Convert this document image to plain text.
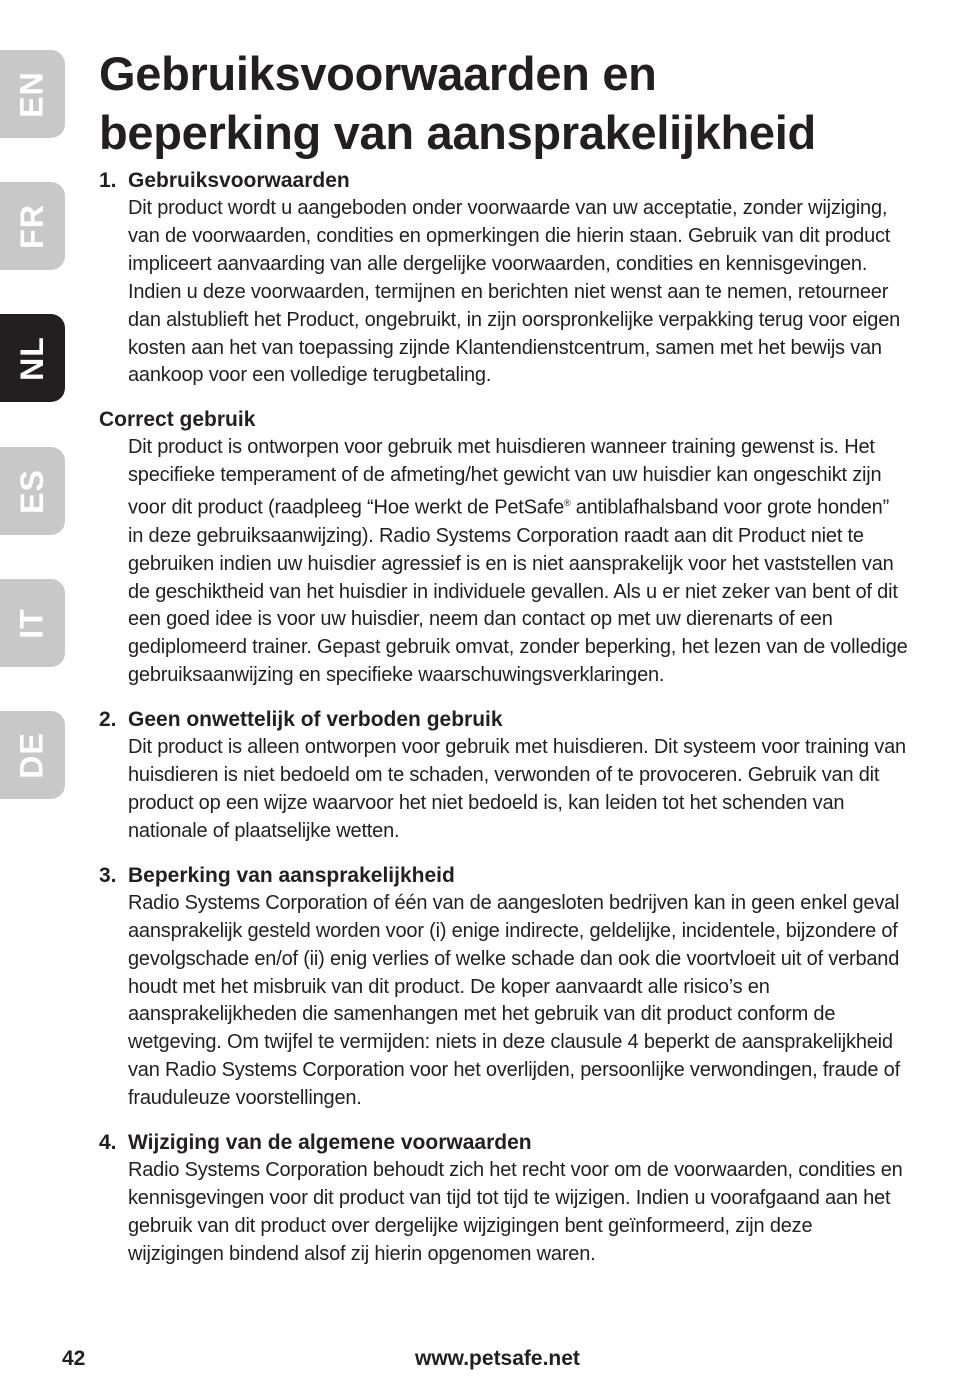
EN
FR
NL
ES
IT
DE
Gebruiksvoorwaarden en
beperking van aansprakelijkheid
1. Gebruiksvoorwaarden
Dit product wordt u aangeboden onder voorwaarde van uw acceptatie, zonder wijziging, van de voorwaarden, condities en opmerkingen die hierin staan. Gebruik van dit product impliceert aanvaarding van alle dergelijke voorwaarden, condities en kennisgevingen. Indien u deze voorwaarden, termijnen en berichten niet wenst aan te nemen, retourneer dan alstublieft het Product, ongebruikt, in zijn oorspronkelijke verpakking terug voor eigen kosten aan het van toepassing zijnde Klantendienstcentrum, samen met het bewijs van aankoop voor een volledige terugbetaling.
Correct gebruik
Dit product is ontworpen voor gebruik met huisdieren wanneer training gewenst is. Het specifieke temperament of de afmeting/het gewicht van uw huisdier kan ongeschikt zijn voor dit product (raadpleeg “Hoe werkt de PetSafe® antiblafhalsband voor grote honden” in deze gebruiksaanwijzing). Radio Systems Corporation raadt aan dit Product niet te gebruiken indien uw huisdier agressief is en is niet aansprakelijk voor het vaststellen van de geschiktheid van het huisdier in individuele gevallen. Als u er niet zeker van bent of dit een goed idee is voor uw huisdier, neem dan contact op met uw dierenarts of een gediplomeerd trainer. Gepast gebruik omvat, zonder beperking, het lezen van de volledige gebruiksaanwijzing en specifieke waarschuwingsverklaringen.
2. Geen onwettelijk of verboden gebruik
Dit product is alleen ontworpen voor gebruik met huisdieren. Dit systeem voor training van huisdieren is niet bedoeld om te schaden, verwonden of te provoceren. Gebruik van dit product op een wijze waarvoor het niet bedoeld is, kan leiden tot het schenden van nationale of plaatselijke wetten.
3. Beperking van aansprakelijkheid
Radio Systems Corporation of één van de aangesloten bedrijven kan in geen enkel geval aansprakelijk gesteld worden voor (i) enige indirecte, geldelijke, incidentele, bijzondere of gevolgschade en/of (ii) enig verlies of welke schade dan ook die voortvloeit uit of verband houdt met het misbruik van dit product. De koper aanvaardt alle risico’s en aansprakelijkheden die samenhangen met het gebruik van dit product conform de wetgeving. Om twijfel te vermijden: niets in deze clausule 4 beperkt de aansprakelijkheid van Radio Systems Corporation voor het overlijden, persoonlijke verwondingen, fraude of frauduleuze voorstellingen.
4. Wijziging van de algemene voorwaarden
Radio Systems Corporation behoudt zich het recht voor om de voorwaarden, condities en kennisgevingen voor dit product van tijd tot tijd te wijzigen. Indien u voorafgaand aan het gebruik van dit product over dergelijke wijzigingen bent geïnformeerd, zijn deze wijzigingen bindend alsof zij hierin opgenomen waren.
42	www.petsafe.net
